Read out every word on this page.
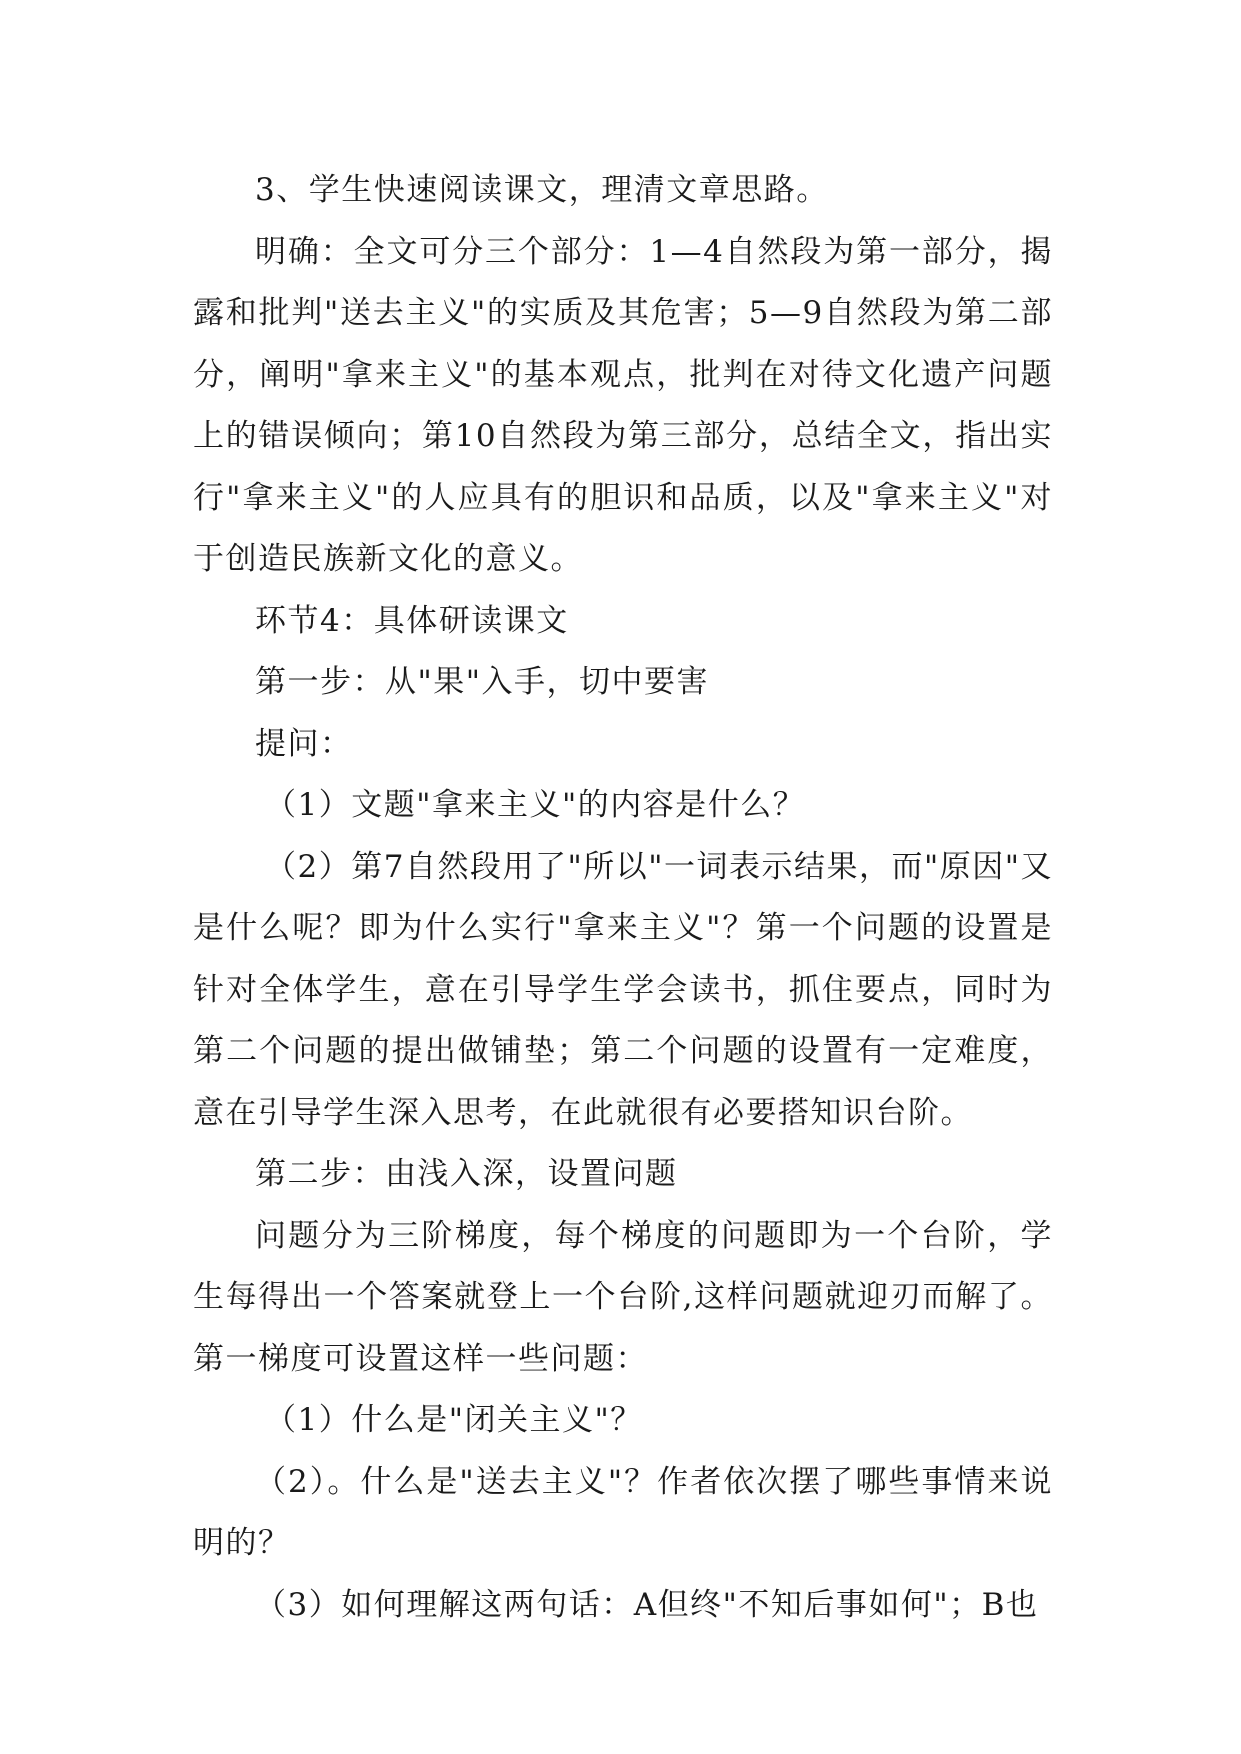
3、学生快速阅读课文，理清文章思路。

明确：全文可分三个部分：1—4自然段为第一部分，揭露和批判"送去主义"的实质及其危害；5—9自然段为第二部分，阐明"拿来主义"的基本观点，批判在对待文化遗产问题上的错误倾向；第10自然段为第三部分，总结全文，指出实行"拿来主义"的人应具有的胆识和品质，以及"拿来主义"对于创造民族新文化的意义。

环节4：具体研读课文

第一步：从"果"入手，切中要害

提问：

（1）文题"拿来主义"的内容是什么？

（2）第7自然段用了"所以"一词表示结果，而"原因"又是什么呢？即为什么实行"拿来主义"？第一个问题的设置是针对全体学生，意在引导学生学会读书，抓住要点，同时为第二个问题的提出做铺垫；第二个问题的设置有一定难度，意在引导学生深入思考，在此就很有必要搭知识台阶。

第二步：由浅入深，设置问题

问题分为三阶梯度，每个梯度的问题即为一个台阶，学生每得出一个答案就登上一个台阶,这样问题就迎刃而解了。第一梯度可设置这样一些问题：

（1）什么是"闭关主义"？

（2）。什么是"送去主义"？作者依次摆了哪些事情来说明的？

（3）如何理解这两句话：A但终"不知后事如何"；B也
